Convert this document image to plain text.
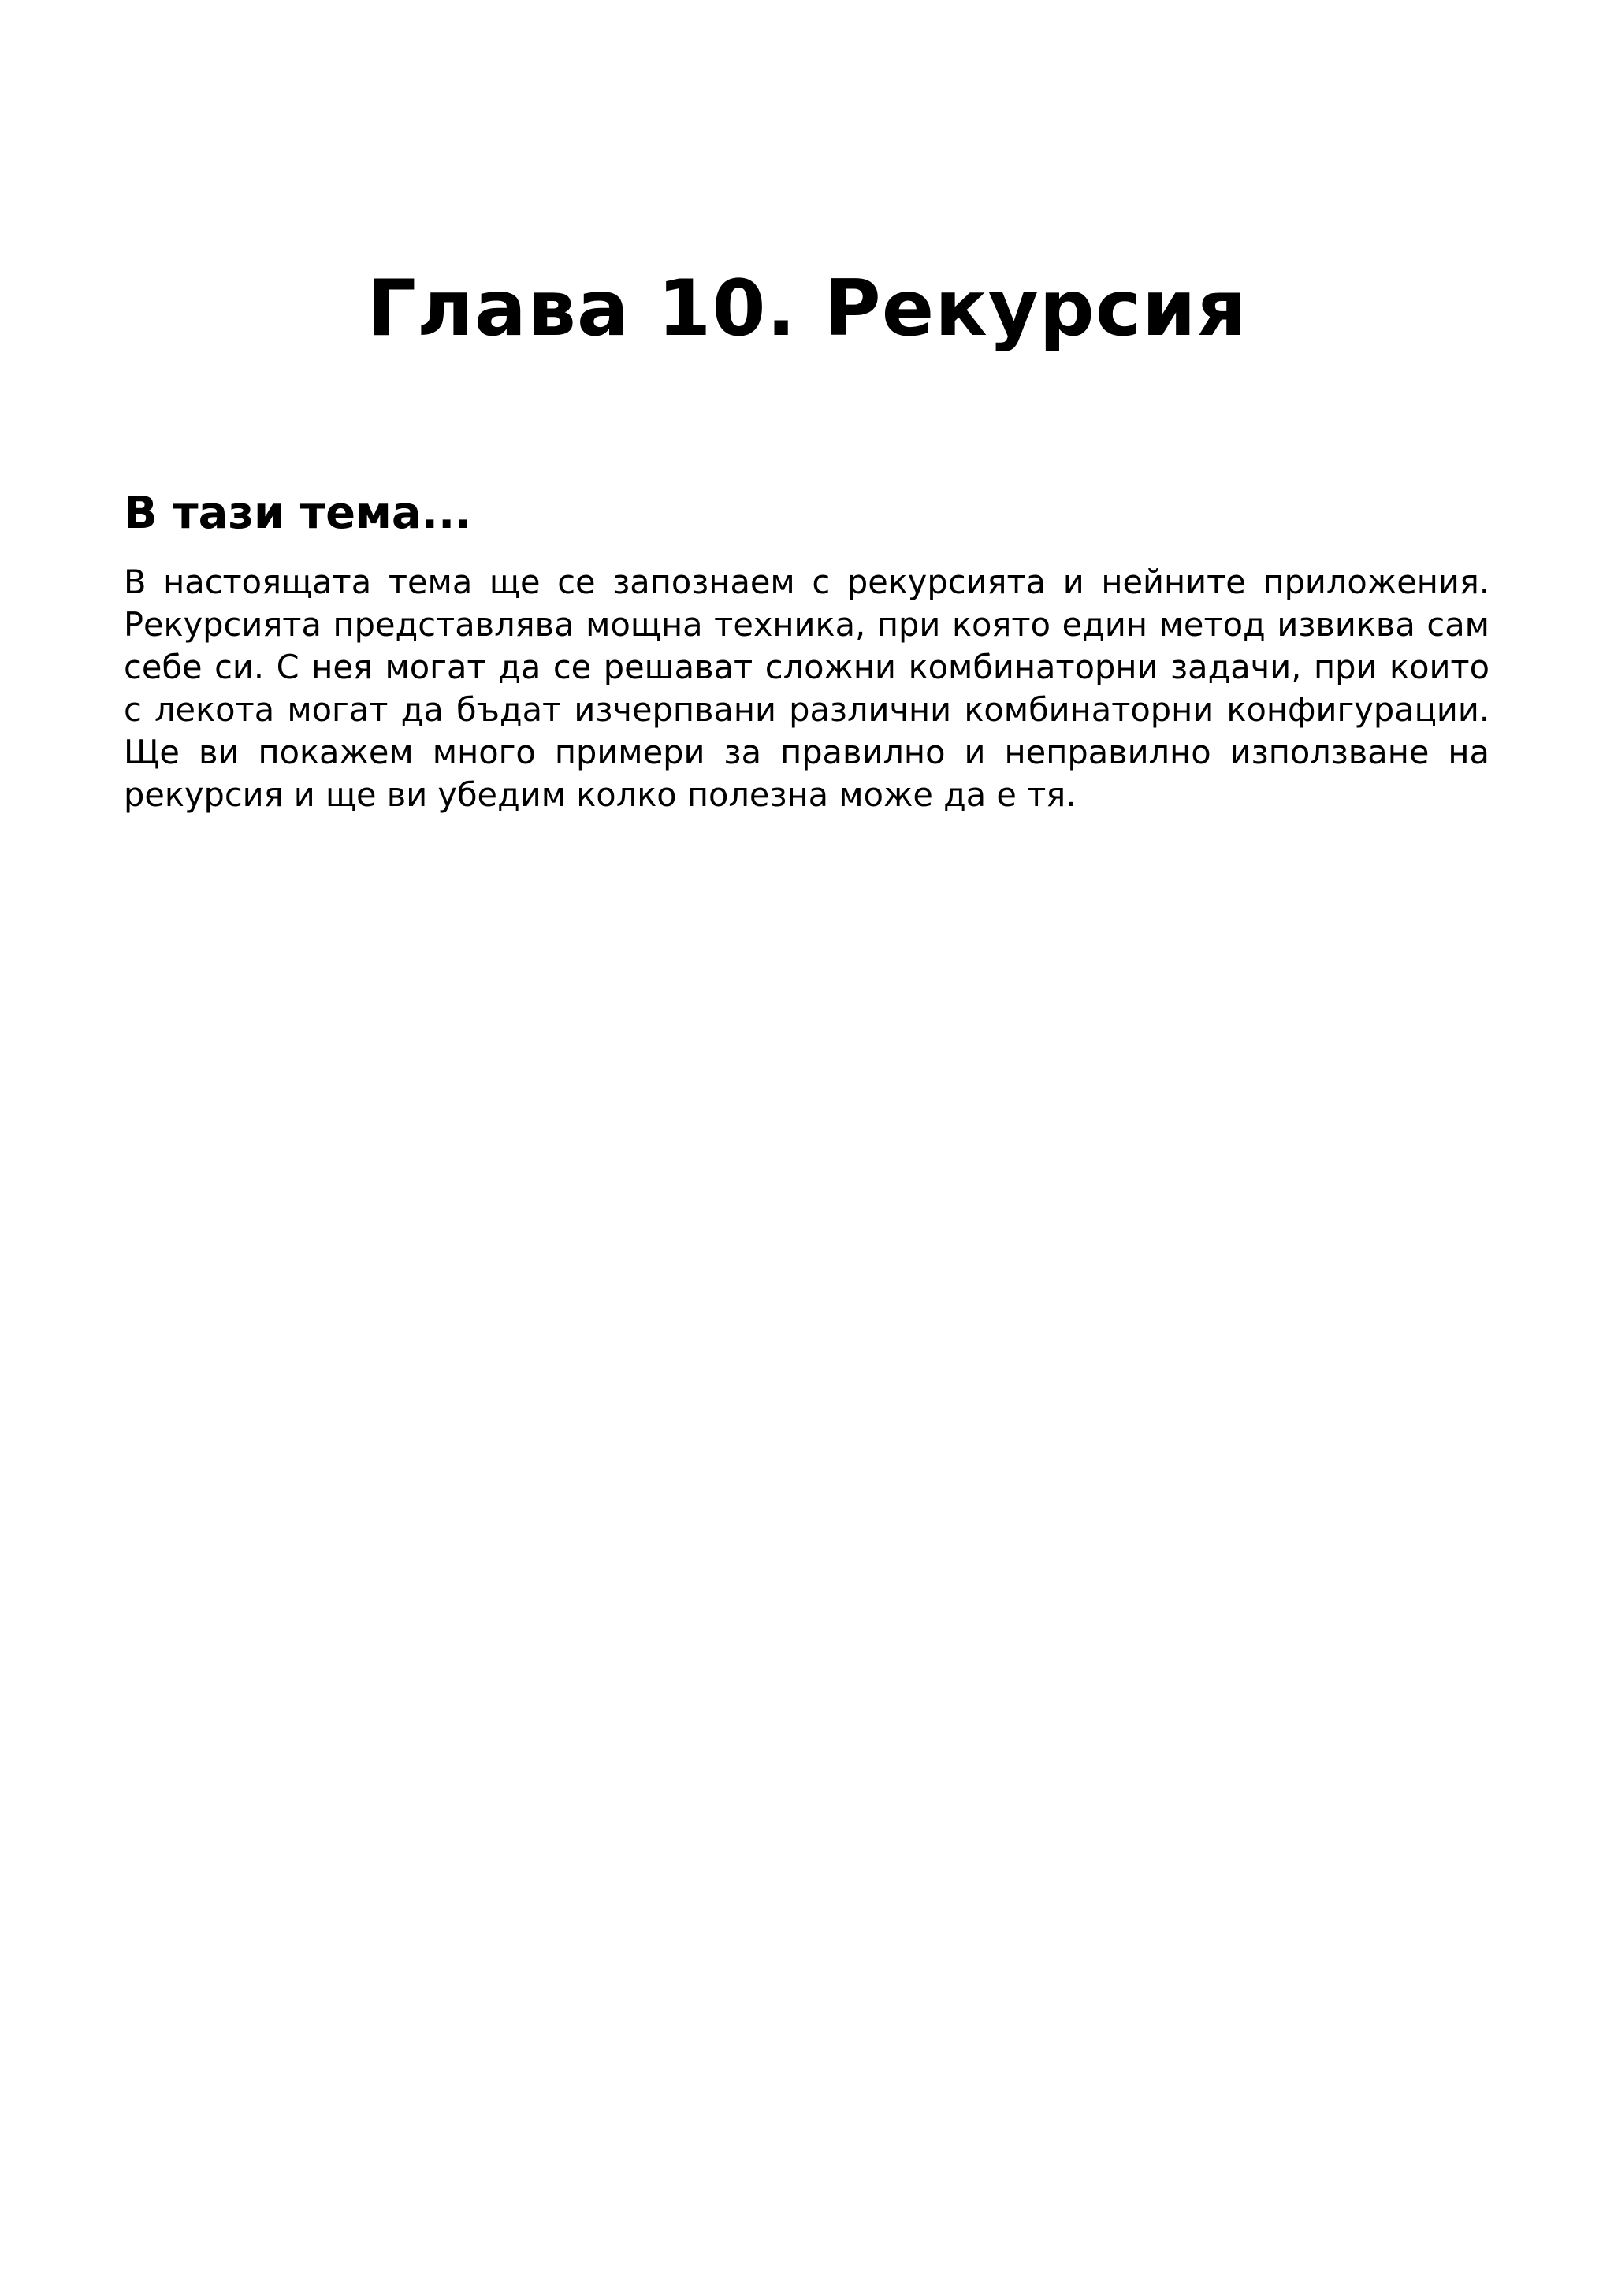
Глава 10. Рекурсия
В тази тема...

В настоящата тема ще се запознаем с рекурсията и нейните приложения. Рекурсията представлява мощна техника, при която един метод извиква сам себе си. С нея могат да се решават сложни комбинаторни задачи, при които с лекота могат да бъдат изчерпвани различни комбинаторни конфигурации. Ще ви покажем много примери за правилно и неправилно използване на рекурсия и ще ви убедим колко полезна може да е тя.
